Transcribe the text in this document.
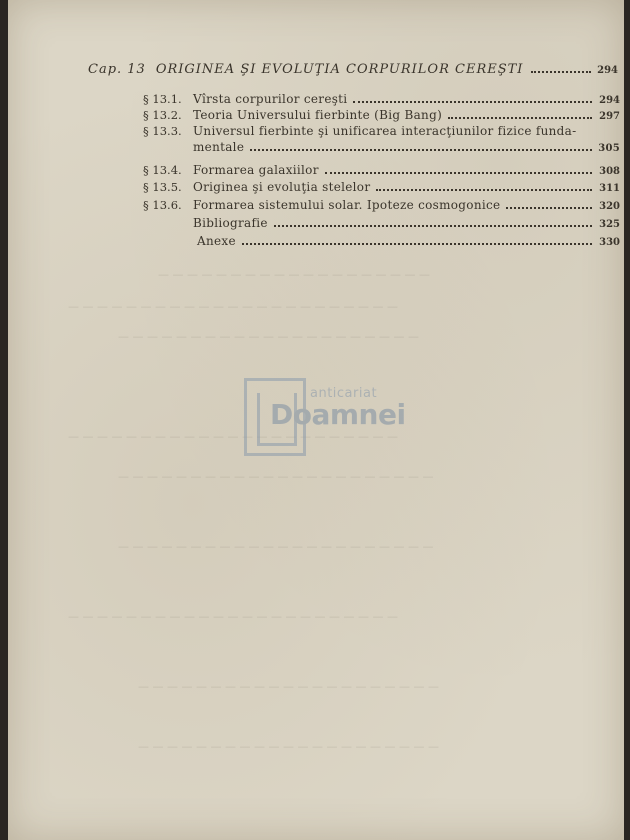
— — — — — — — — — — — — — — — — — — —
— — — — — — — — — — — — — — — — — — — — — — —
— — — — — — — — — — — — — — — — — — — — —
— — — — — — — — — — — — — — — — — — — — — — —
— — — — — — — — — — — — — — — — — — — — — —
— — — — — — — — — — — — — — — — — — — — — —
— — — — — — — — — — — — — — — — — — — — — — —
— — — — — — — — — — — — — — — — — — — — —
— — — — — — — — — — — — — — — — — — — — —
Cap. 13 ORIGINEA ŞI EVOLUŢIA CORPURILOR CEREŞTI	294
§ 13.1. Vîrsta corpurilor cereşti	294
§ 13.2. Teoria Universului fierbinte (Big Bang)	297
§ 13.3. Universul fierbinte şi unificarea interacţiunilor fizice funda-
mentale	305
§ 13.4. Formarea galaxiilor	308
§ 13.5. Originea şi evoluţia stelelor	311
§ 13.6. Formarea sistemului solar. Ipoteze cosmogonice	320
Bibliografie	325
Anexe	330
anticariat
Doamnei
